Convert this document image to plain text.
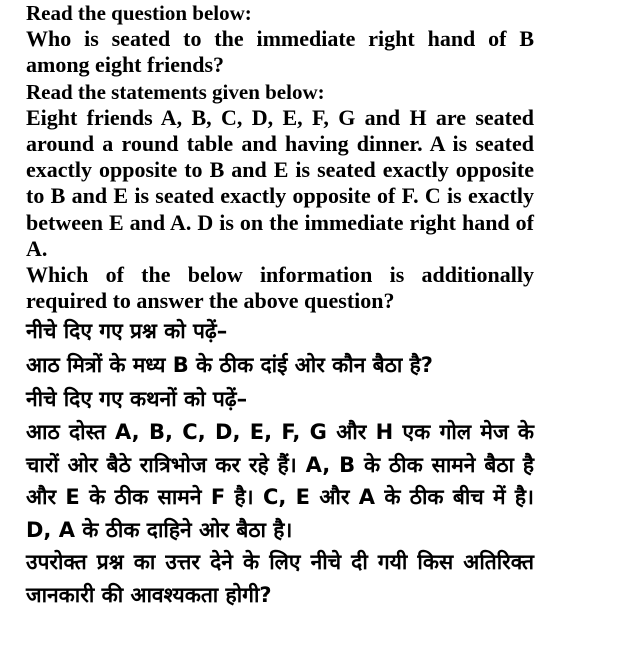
Read the question below:

Who is seated to the immediate right hand of B among eight friends?

Read the statements given below:

Eight friends A, B, C, D, E, F, G and H are seated around a round table and having dinner. A is seated exactly opposite to B and E is seated exactly opposite to B and E is seated exactly opposite of F. C is exactly between E and A. D is on the immediate right hand of A.

Which of the below information is additionally required to answer the above question?

नीचे दिए गए प्रश्न को पढ़ें–

आठ मित्रों के मध्य B के ठीक दांई ओर कौन बैठा है?

नीचे दिए गए कथनों को पढ़ें–

आठ दोस्त A, B, C, D, E, F, G और H एक गोल मेज के चारों ओर बैठे रात्रिभोज कर रहे हैं। A, B के ठीक सामने बैठा है और E के ठीक सामने F है। C, E और A के ठीक बीच में है। D, A के ठीक दाहिने ओर बैठा है।

उपरोक्त प्रश्न का उत्तर देने के लिए नीचे दी गयी किस अतिरिक्त जानकारी की आवश्यकता होगी?
